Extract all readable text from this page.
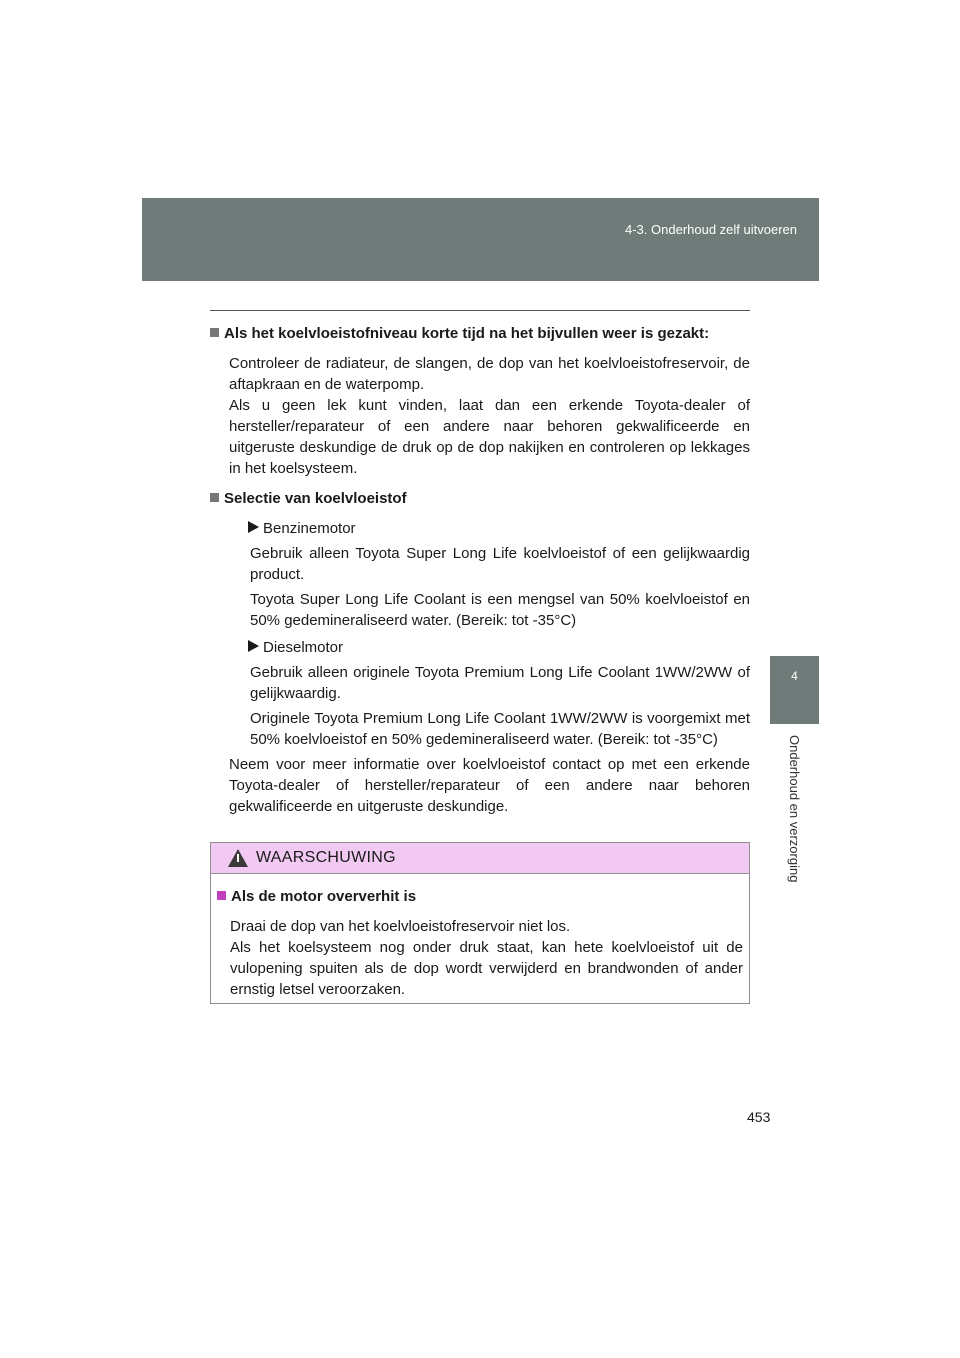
4-3. Onderhoud zelf uitvoeren
4
Onderhoud en verzorging
Als het koelvloeistofniveau korte tijd na het bijvullen weer is gezakt:

Controleer de radiateur, de slangen, de dop van het koelvloeistofreservoir, de aftapkraan en de waterpomp.

Als u geen lek kunt vinden, laat dan een erkende Toyota-dealer of hersteller/reparateur of een andere naar behoren gekwalificeerde en uitgeruste deskundige de druk op de dop nakijken en controleren op lekkages in het koelsysteem.

Selectie van koelvloeistof
Benzinemotor

Gebruik alleen Toyota Super Long Life koelvloeistof of een gelijkwaardig product.

Toyota Super Long Life Coolant is een mengsel van 50% koelvloeistof en 50% gedemineraliseerd water. (Bereik: tot -35°C)

Dieselmotor

Gebruik alleen originele Toyota Premium Long Life Coolant 1WW/2WW of gelijkwaardig.

Originele Toyota Premium Long Life Coolant 1WW/2WW is voorgemixt met 50% koelvloeistof en 50% gedemineraliseerd water. (Bereik: tot -35°C)

Neem voor meer informatie over koelvloeistof contact op met een erkende Toyota-dealer of hersteller/reparateur of een andere naar behoren gekwalificeerde en uitgeruste deskundige.

WAARSCHUWING
Als de motor oververhit is

Draai de dop van het koelvloeistofreservoir niet los.

Als het koelsysteem nog onder druk staat, kan hete koelvloeistof uit de vulopening spuiten als de dop wordt verwijderd en brandwonden of ander ernstig letsel veroorzaken.

453
